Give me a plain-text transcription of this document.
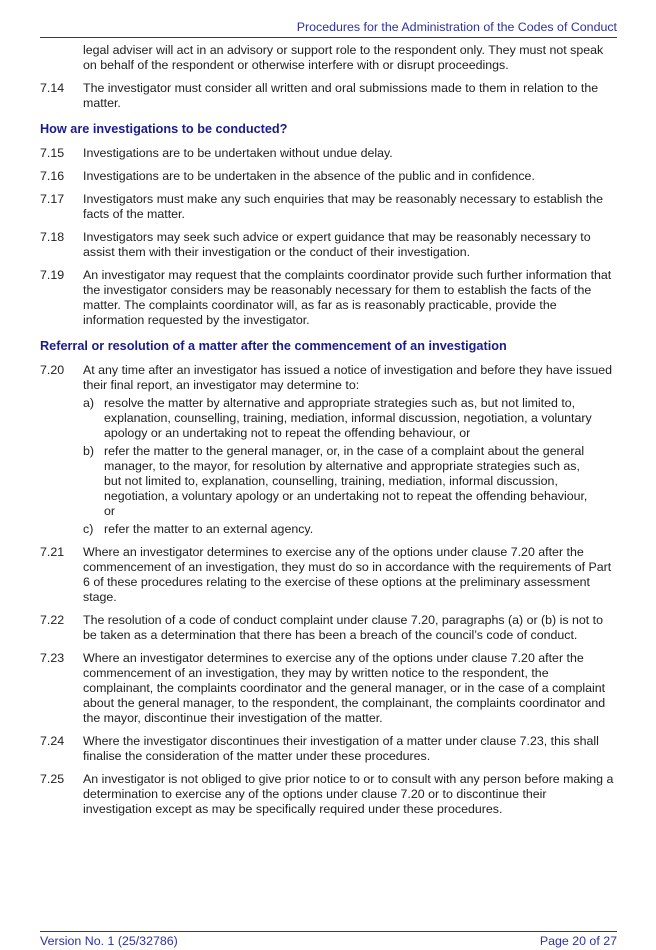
Procedures for the Administration of the Codes of Conduct

legal adviser will act in an advisory or support role to the respondent only. They must not speak on behalf of the respondent or otherwise interfere with or disrupt proceedings.

7.14	The investigator must consider all written and oral submissions made to them in relation to the matter.
How are investigations to be conducted?
7.15	Investigations are to be undertaken without undue delay.
7.16	Investigations are to be undertaken in the absence of the public and in confidence.
7.17	Investigators must make any such enquiries that may be reasonably necessary to establish the facts of the matter.
7.18	Investigators may seek such advice or expert guidance that may be reasonably necessary to assist them with their investigation or the conduct of their investigation.
7.19	An investigator may request that the complaints coordinator provide such further information that the investigator considers may be reasonably necessary for them to establish the facts of the matter. The complaints coordinator will, as far as is reasonably practicable, provide the information requested by the investigator.
Referral or resolution of a matter after the commencement of an investigation
7.20	At any time after an investigator has issued a notice of investigation and before they have issued their final report, an investigator may determine to:
a) resolve the matter by alternative and appropriate strategies such as, but not limited to, explanation, counselling, training, mediation, informal discussion, negotiation, a voluntary apology or an undertaking not to repeat the offending behaviour, or
b) refer the matter to the general manager, or, in the case of a complaint about the general manager, to the mayor, for resolution by alternative and appropriate strategies such as, but not limited to, explanation, counselling, training, mediation, informal discussion, negotiation, a voluntary apology or an undertaking not to repeat the offending behaviour, or
c) refer the matter to an external agency.
7.21	Where an investigator determines to exercise any of the options under clause 7.20 after the commencement of an investigation, they must do so in accordance with the requirements of Part 6 of these procedures relating to the exercise of these options at the preliminary assessment stage.
7.22	The resolution of a code of conduct complaint under clause 7.20, paragraphs (a) or (b) is not to be taken as a determination that there has been a breach of the council’s code of conduct.
7.23	Where an investigator determines to exercise any of the options under clause 7.20 after the commencement of an investigation, they may by written notice to the respondent, the complainant, the complaints coordinator and the general manager, or in the case of a complaint about the general manager, to the respondent, the complainant, the complaints coordinator and the mayor, discontinue their investigation of the matter.
7.24	Where the investigator discontinues their investigation of a matter under clause 7.23, this shall finalise the consideration of the matter under these procedures.
7.25	An investigator is not obliged to give prior notice to or to consult with any person before making a determination to exercise any of the options under clause 7.20 or to discontinue their investigation except as may be specifically required under these procedures.
Version No. 1 (25/32786)	Page 20 of 27
